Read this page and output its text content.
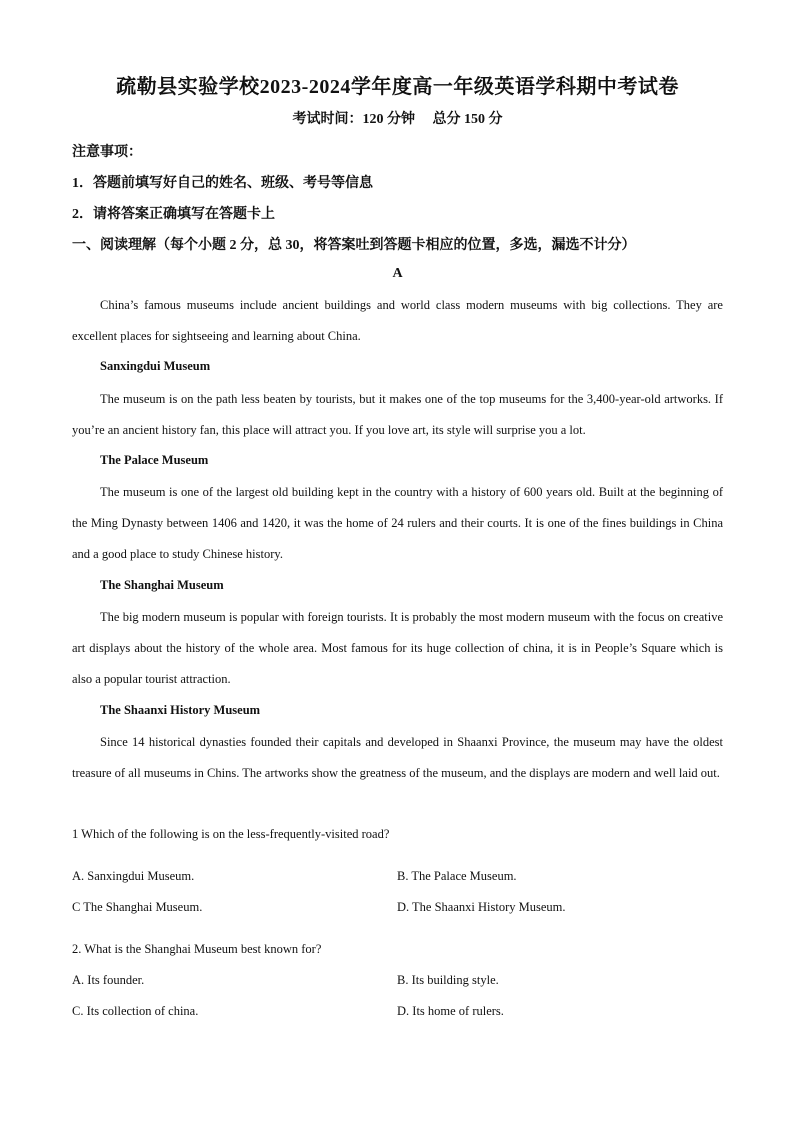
疏勒县实验学校2023-2024学年度高一年级英语学科期中考试卷
考试时间：120 分钟     总分 150 分
注意事项：
1．答题前填写好自己的姓名、班级、考号等信息
2．请将答案正确填写在答题卡上
一、阅读理解（每个小题 2 分，总 30，将答案吐到答题卡相应的位置，多选，漏选不计分）
A
China’s famous museums include ancient buildings and world class modern museums with big collections. They are excellent places for sightseeing and learning about China.
Sanxingdui Museum
The museum is on the path less beaten by tourists, but it makes one of the top museums for the 3,400-year-old artworks. If you’re an ancient history fan, this place will attract you. If you love art, its style will surprise you a lot.
The Palace Museum
The museum is one of the largest old building kept in the country with a history of 600 years old. Built at the beginning of the Ming Dynasty between 1406 and 1420, it was the home of 24 rulers and their courts. It is one of the fines buildings in China and a good place to study Chinese history.
The Shanghai Museum
The big modern museum is popular with foreign tourists. It is probably the most modern museum with the focus on creative art displays about the history of the whole area. Most famous for its huge collection of china, it is in People’s Square which is also a popular tourist attraction.
The Shaanxi History Museum
Since 14 historical dynasties founded their capitals and developed in Shaanxi Province, the museum may have the oldest treasure of all museums in Chins. The artworks show the greatness of the museum, and the displays are modern and well laid out.
1 Which of the following is on the less-frequently-visited road?
A. Sanxingdui Museum.	B. The Palace Museum.
C The Shanghai Museum.	D. The Shaanxi History Museum.
2. What is the Shanghai Museum best known for?
A. Its founder.	B. Its building style.
C. Its collection of china.	D. Its home of rulers.
